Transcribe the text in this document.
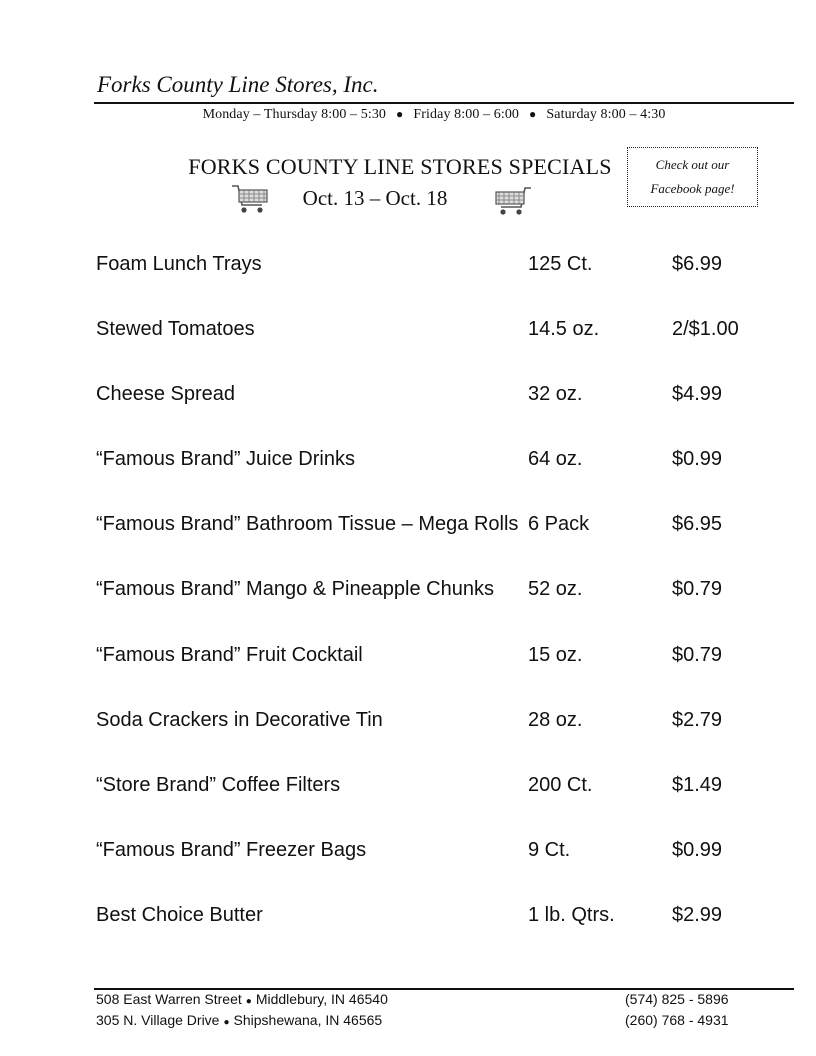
Forks County Line Stores, Inc.
Monday – Thursday 8:00 – 5:30 ● Friday 8:00 – 6:00 ● Saturday 8:00 – 4:30
FORKS COUNTY LINE STORES SPECIALS
Oct. 13 – Oct. 18
Check out our
Facebook page!
Foam Lunch Trays	125 Ct.	$6.99
Stewed Tomatoes	14.5 oz.	2/$1.00
Cheese Spread	32 oz.	$4.99
“Famous Brand” Juice Drinks	64 oz.	$0.99
“Famous Brand” Bathroom Tissue – Mega Rolls 6 Pack	$6.95
“Famous Brand” Mango & Pineapple Chunks 52 oz.	$0.79
“Famous Brand” Fruit Cocktail	15 oz.	$0.79
Soda Crackers in Decorative Tin	28 oz.	$2.79
“Store Brand” Coffee Filters	200 Ct.	$1.49
“Famous Brand” Freezer Bags	9 Ct.	$0.99
Best Choice Butter	1 lb. Qtrs.	$2.99
508 East Warren Street ● Middlebury, IN 46540	(574) 825 - 5896
305 N. Village Drive ● Shipshewana, IN 46565	(260) 768 - 4931
